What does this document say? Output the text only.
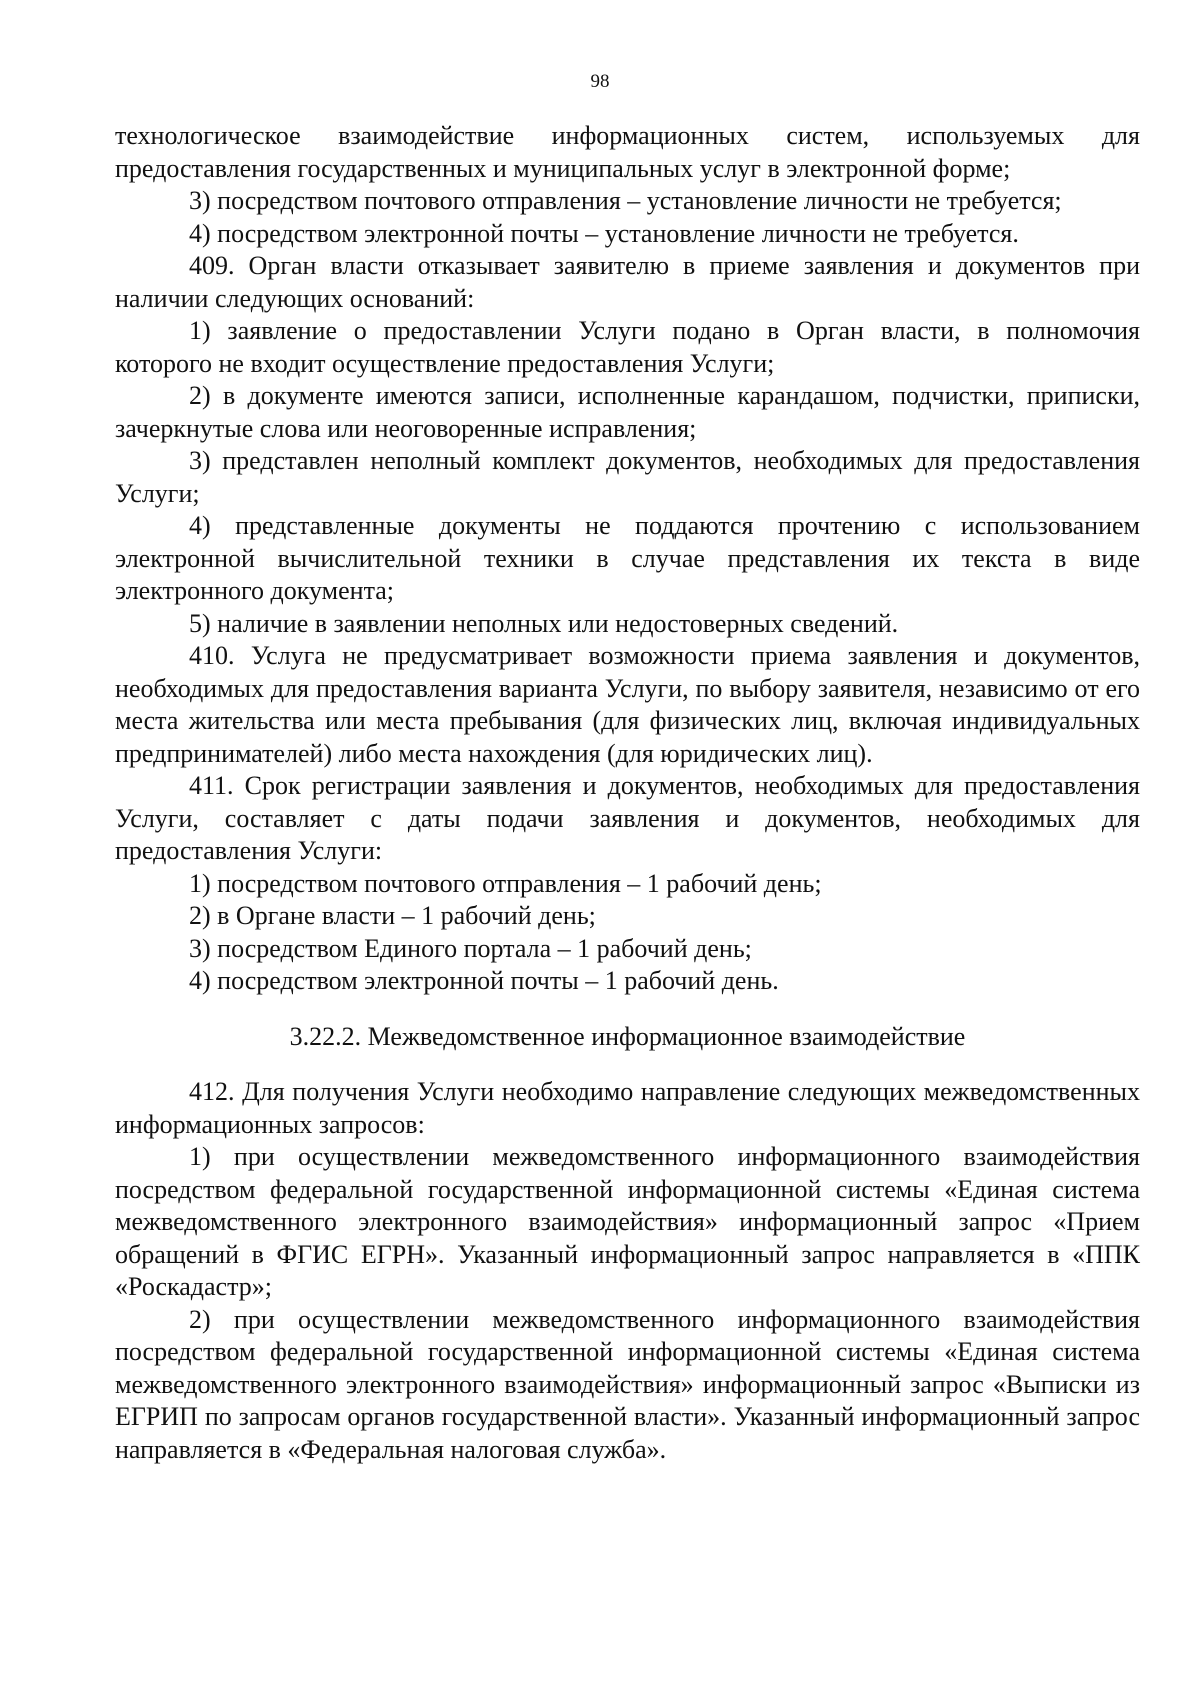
98

технологическое взаимодействие информационных систем, используемых для предоставления государственных и муниципальных услуг в электронной форме;

3) посредством почтового отправления – установление личности не требуется;

4) посредством электронной почты – установление личности не требуется.

409. Орган власти отказывает заявителю в приеме заявления и документов при наличии следующих оснований:

1) заявление о предоставлении Услуги подано в Орган власти, в полномочия которого не входит осуществление предоставления Услуги;

2) в документе имеются записи, исполненные карандашом, подчистки, приписки, зачеркнутые слова или неоговоренные исправления;

3) представлен неполный комплект документов, необходимых для предоставления Услуги;

4) представленные документы не поддаются прочтению с использованием электронной вычислительной техники в случае представления их текста в виде электронного документа;

5) наличие в заявлении неполных или недостоверных сведений.

410. Услуга не предусматривает возможности приема заявления и документов, необходимых для предоставления варианта Услуги, по выбору заявителя, независимо от его места жительства или места пребывания (для физических лиц, включая индивидуальных предпринимателей) либо места нахождения (для юридических лиц).

411. Срок регистрации заявления и документов, необходимых для предоставления Услуги, составляет с даты подачи заявления и документов, необходимых для предоставления Услуги:

1) посредством почтового отправления – 1 рабочий день;

2) в Органе власти – 1 рабочий день;

3) посредством Единого портала – 1 рабочий день;

4) посредством электронной почты – 1 рабочий день.

3.22.2. Межведомственное информационное взаимодействие

412. Для получения Услуги необходимо направление следующих межведомственных информационных запросов:

1) при осуществлении межведомственного информационного взаимодействия посредством федеральной государственной информационной системы «Единая система межведомственного электронного взаимодействия» информационный запрос «Прием обращений в ФГИС ЕГРН». Указанный информационный запрос направляется в «ППК «Роскадастр»;

2) при осуществлении межведомственного информационного взаимодействия посредством федеральной государственной информационной системы «Единая система межведомственного электронного взаимодействия» информационный запрос «Выписки из ЕГРИП по запросам органов государственной власти». Указанный информационный запрос направляется в «Федеральная налоговая служба».
